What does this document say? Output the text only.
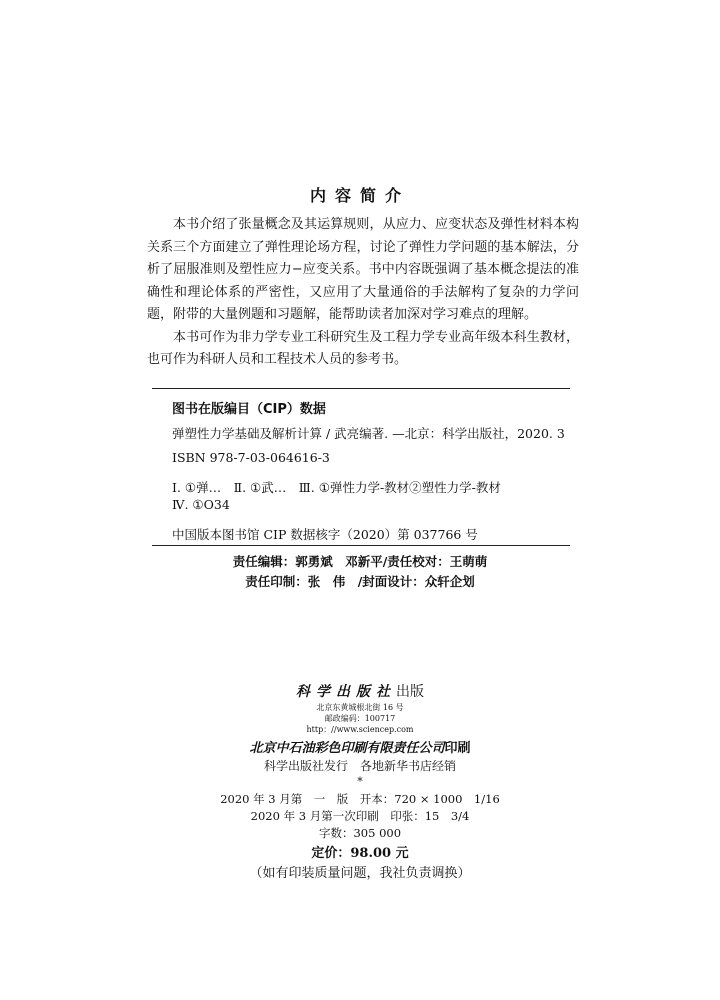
内容简介

本书介绍了张量概念及其运算规则，从应力、应变状态及弹性材料本构关系三个方面建立了弹性理论场方程，讨论了弹性力学问题的基本解法，分析了屈服准则及塑性应力−应变关系。书中内容既强调了基本概念提法的准确性和理论体系的严密性，又应用了大量通俗的手法解构了复杂的力学问题，附带的大量例题和习题解，能帮助读者加深对学习难点的理解。

本书可作为非力学专业工科研究生及工程力学专业高年级本科生教材，也可作为科研人员和工程技术人员的参考书。

图书在版编目（CIP）数据
弹塑性力学基础及解析计算 / 武亮编著. —北京：科学出版社，2020. 3
ISBN 978-7-03-064616-3
Ⅰ. ①弹…　Ⅱ. ①武…　Ⅲ. ①弹性力学-教材②塑性力学-教材
Ⅳ. ①O34
中国版本图书馆 CIP 数据核字（2020）第 037766 号
责任编辑：郭勇斌　邓新平/责任校对：王萌萌
责任印制：张　伟　/封面设计：众轩企划
科学出版社出版
北京东黄城根北街 16 号
邮政编码：100717
http：//www.sciencep.com
北京中石油彩色印刷有限责任公司印刷
科学出版社发行　各地新华书店经销
*
2020 年 3 月第　一　版　开本：720 × 1000　1/16
2020 年 3 月第一次印刷　印张：15　3/4
字数：305 000
定价：98.00 元
（如有印装质量问题，我社负责调换）
